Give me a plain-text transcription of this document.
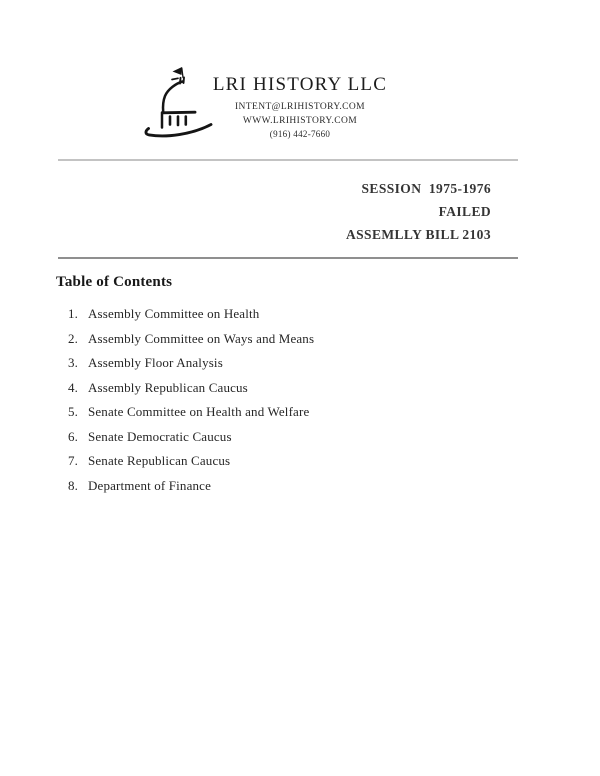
LRI HISTORY LLC
INTENT@LRIHISTORY.COM
WWW.LRIHISTORY.COM
(916) 442-7660
SESSION  1975-1976
FAILED
ASSEMLLY BILL 2103
Table of Contents
1. Assembly Committee on Health
2. Assembly Committee on Ways and Means
3. Assembly Floor Analysis
4. Assembly Republican Caucus
5. Senate Committee on Health and Welfare
6. Senate Democratic Caucus
7. Senate Republican Caucus
8. Department of Finance
